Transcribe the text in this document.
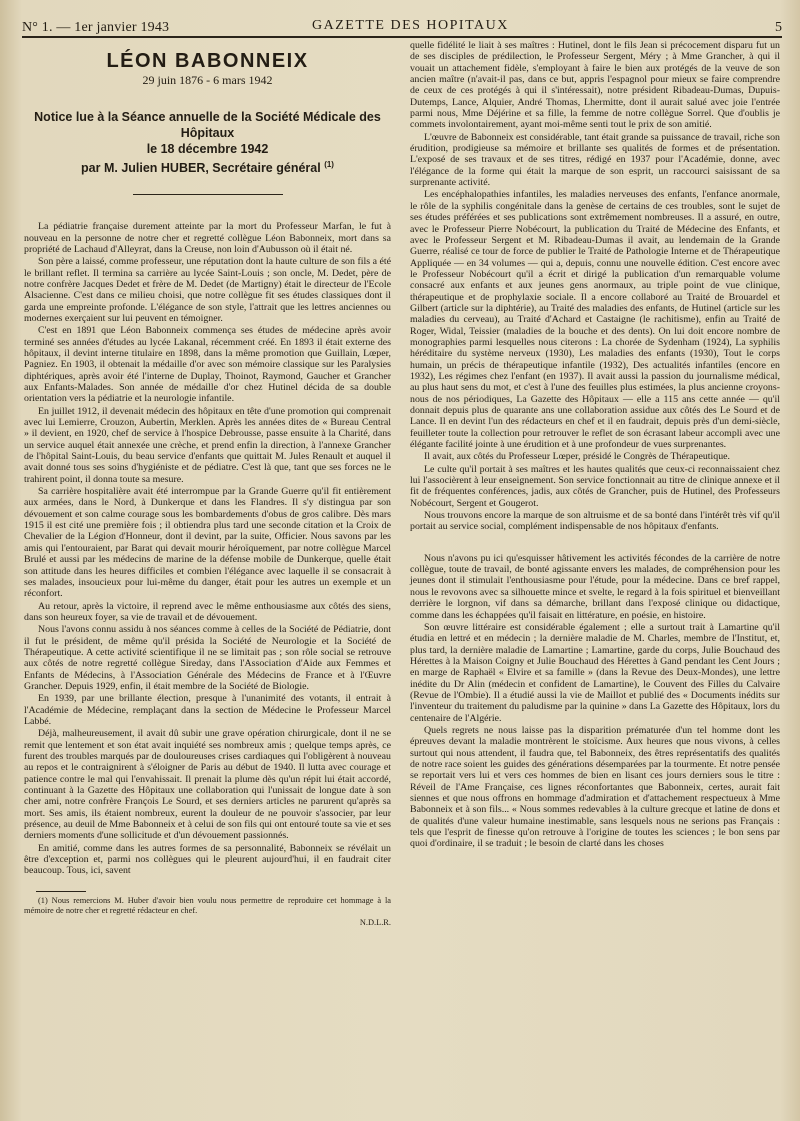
N° 1. — 1er janvier 1943	GAZETTE DES HOPITAUX	5
LÉON BABONNEIX
29 juin 1876 - 6 mars 1942
Notice lue à la Séance annuelle de la Société Médicale des Hôpitaux
le 18 décembre 1942
par M. Julien HUBER, Secrétaire général $^{(1)}$

La pédiatrie française durement atteinte par la mort du Professeur Marfan, le fut à nouveau en la personne de notre cher et regretté collègue Léon Babonneix, mort dans sa propriété de Lachaud d'Alleyrat, dans la Creuse, non loin d'Aubusson où il était né.

Son père a laissé, comme professeur, une réputation dont la haute culture de son fils a été le brillant reflet. Il termina sa carrière au lycée Saint-Louis ; son oncle, M. Dedet, père de notre confrère Jacques Dedet et frère de M. Dedet (de Martigny) était le directeur de l'Ecole Alsacienne. C'est dans ce milieu choisi, que notre collègue fit ses études classiques dont il garda une empreinte profonde. L'élégance de son style, l'attrait que les lettres anciennes ou modernes exerçaient sur lui peuvent en témoigner.

C'est en 1891 que Léon Babonneix commença ses études de médecine après avoir terminé ses années d'études au lycée Lakanal, récemment créé. En 1893 il était externe des hôpitaux, il devint interne titulaire en 1898, dans la même promotion que Guillain, Lœper, Pagniez. En 1903, il obtenait la médaille d'or avec son mémoire classique sur les Paralysies diphtériques, après avoir été l'interne de Duplay, Thoinot, Raymond, Gaucher et Grancher aux Enfants-Malades. Son année de médaille d'or chez Hutinel décida de sa double orientation vers la pédiatrie et la neurologie infantile.

En juillet 1912, il devenait médecin des hôpitaux en tête d'une promotion qui comprenait avec lui Lemierre, Crouzon, Aubertin, Merklen. Après les années dites de « Bureau Central » il devient, en 1920, chef de service à l'hospice Debrousse, passe ensuite à la Charité, dans un service auquel était annexée une crèche, et prend enfin la direction, à l'annexe Grancher de l'hôpital Saint-Louis, du beau service d'enfants que quittait M. Jules Renault et auquel il avait donné tous ses soins d'hygiéniste et de pédiatre. C'est là que, tant que ses forces ne le trahirent point, il donna toute sa mesure.

Sa carrière hospitalière avait été interrompue par la Grande Guerre qu'il fit entièrement aux armées, dans le Nord, à Dunkerque et dans les Flandres. Il s'y distingua par son dévouement et son calme courage sous les bombardements d'obus de gros calibre. Dès mars 1915 il est cité une première fois ; il obtiendra plus tard une seconde citation et la Croix de Chevalier de la Légion d'Honneur, dont il devint, par la suite, Officier. Nous savons par les amis qui l'entouraient, par Barat qui devait mourir héroïquement, par notre collègue Marcel Brulé et aussi par les médecins de marine de la défense mobile de Dunkerque, quelle était son attitude dans les heures difficiles et combien l'élégance avec laquelle il se consacrait à ses malades, insoucieux pour lui-même du danger, était pour les autres un exemple et un réconfort.

Au retour, après la victoire, il reprend avec le même enthousiasme aux côtés des siens, dans son heureux foyer, sa vie de travail et de dévouement.

Nous l'avons connu assidu à nos séances comme à celles de la Société de Pédiatrie, dont il fut le président, de même qu'il présida la Société de Neurologie et la Société de Thérapeutique. A cette activité scientifique il ne se limitait pas ; son rôle social se retrouve aux côtés de notre regretté collègue Sireday, dans l'Association d'Aide aux Femmes et Enfants de Médecins, à l'Association Générale des Médecins de France et à l'Œuvre Grancher. Depuis 1929, enfin, il était membre de la Société de Biologie.

En 1939, par une brillante élection, presque à l'unanimité des votants, il entrait à l'Académie de Médecine, remplaçant dans la section de Médecine le Professeur Marcel Labbé.

Déjà, malheureusement, il avait dû subir une grave opération chirurgicale, dont il ne se remit que lentement et son état avait inquiété ses nombreux amis ; quelque temps après, ce furent des troubles marqués par de douloureuses crises cardiaques qui l'obligèrent à nouveau au repos et le contraignirent à s'éloigner de Paris au début de 1940. Il lutta avec courage et patience contre le mal qui l'envahissait. Il prenait la plume dès qu'un répit lui était accordé, continuant à la Gazette des Hôpitaux une collaboration qui l'unissait de longue date à son cher ami, notre confrère François Le Sourd, et ses derniers articles ne parurent qu'après sa mort. Ses amis, ils étaient nombreux, eurent la douleur de ne pouvoir s'associer, par leur présence, au deuil de Mme Babonneix et à celui de son fils qui ont entouré toute sa vie et ses derniers moments d'une sollicitude et d'un dévouement passionnés.

En amitié, comme dans les autres formes de sa personnalité, Babonneix se révélait un être d'exception et, parmi nos collègues qui le pleurent aujourd'hui, il en faudrait citer beaucoup. Tous, ici, savent

(1) Nous remercions M. Huber d'avoir bien voulu nous permettre de reproduire cet hommage à la mémoire de notre cher et regretté rédacteur en chef.
N.D.L.R.

quelle fidélité le liait à ses maîtres : Hutinel, dont le fils Jean si précocement disparu fut un de ses disciples de prédilection, le Professeur Sergent, Méry ; à Mme Grancher, à qui il vouait un attachement fidèle, s'employant à faire le bien aux protégés de la veuve de son ancien maître (n'avait-il pas, dans ce but, appris l'espagnol pour mieux se faire comprendre de ceux de ces protégés à qui il s'intéressait), notre président Ribadeau-Dumas, Dupuis-Dutemps, Lance, Alquier, André Thomas, Lhermitte, dont il aurait salué avec joie l'entrée parmi nous, Mme Déjérine et sa fille, la femme de notre collègue Sorrel. Que d'oublis je commets involontairement, ayant moi-même senti tout le prix de son amitié.

L'œuvre de Babonneix est considérable, tant était grande sa puissance de travail, riche son érudition, prodigieuse sa mémoire et brillante ses qualités de formes et de présentation. L'exposé de ses travaux et de ses titres, rédigé en 1937 pour l'Académie, donne, avec l'élégance de la forme qui était la marque de son esprit, un raccourci saisissant de sa surprenante activité.

Les encéphalopathies infantiles, les maladies nerveuses des enfants, l'enfance anormale, le rôle de la syphilis congénitale dans la genèse de certains de ces troubles, sont le sujet de ses études préférées et ses publications sont extrêmement nombreuses. Il a assuré, en outre, avec le Professeur Pierre Nobécourt, la publication du Traité de Médecine des Enfants, et avec le Professeur Sergent et M. Ribadeau-Dumas il avait, au lendemain de la Grande Guerre, réalisé ce tour de force de publier le Traité de Pathologie Interne et de Thérapeutique Appliquée — en 34 volumes — qui a, depuis, connu une nouvelle édition. C'est encore avec le Professeur Nobécourt qu'il a écrit et dirigé la publication d'un remarquable volume consacré aux enfants et aux jeunes gens anormaux, au triple point de vue clinique, thérapeutique et de prophylaxie sociale. Il a encore collaboré au Traité de Brouardel et Gilbert (article sur la diphtérie), au Traité des maladies des enfants, de Hutinel (article sur les maladies du cerveau), au Traité d'Achard et Castaigne (le rachitisme), enfin au Traité de Roger, Widal, Teissier (maladies de la bouche et des dents). On lui doit encore nombre de monographies parmi lesquelles nous citerons : La chorée de Sydenham (1924), La syphilis héréditaire du système nerveux (1930), Les maladies des enfants (1930), Tout le corps humain, un précis de thérapeutique infantile (1932), Des actualités infantiles (encore en 1932), Les régimes chez l'enfant (en 1937). Il avait aussi la passion du journalisme médical, au plus haut sens du mot, et c'est à l'une des feuilles plus estimées, la plus ancienne croyons-nous de nos périodiques, La Gazette des Hôpitaux — elle a 115 ans cette année — qu'il donnait depuis plus de quarante ans une collaboration assidue aux côtés des Le Sourd et de Lance. Il en devint l'un des rédacteurs en chef et il en faudrait, depuis près d'un demi-siècle, feuilleter toute la collection pour retrouver le reflet de son écrasant labeur accompli avec une élégante facilité jointe à une érudition et à une profondeur de vues surprenantes.

Il avait, aux côtés du Professeur Lœper, présidé le Congrès de Thérapeutique.

Le culte qu'il portait à ses maîtres et les hautes qualités que ceux-ci reconnaissaient chez lui l'associèrent à leur enseignement. Son service fonctionnait au titre de clinique annexe et il fit de fréquentes conférences, jadis, aux côtés de Grancher, puis de Hutinel, des Professeurs Nobécourt, Sergent et Gougerot.

Nous trouvons encore la marque de son altruisme et de sa bonté dans l'intérêt très vif qu'il portait au service social, complément indispensable de nos hôpitaux d'enfants.

Nous n'avons pu ici qu'esquisser hâtivement les activités fécondes de la carrière de notre collègue, toute de travail, de bonté agissante envers les malades, de compréhension pour les jeunes dont il stimulait l'enthousiasme pour l'étude, pour la médecine. Dans ce bref rappel, nous le revovons avec sa silhouette mince et svelte, le regard à la fois spirituel et bienveillant derrière le lorgnon, vif dans sa démarche, brillant dans l'exposé clinique ou didactique, comme dans les échappées qu'il faisait en littérature, en poésie, en histoire.

Son œuvre littéraire est considérable également ; elle a surtout trait à Lamartine qu'il étudia en lettré et en médecin ; la dernière maladie de M. Charles, membre de l'Institut, et, plus tard, la dernière maladie de Lamartine ; Lamartine, garde du corps, Julie Bouchaud des Hérettes à la Maison Coigny et Julie Bouchaud des Hérettes à Gand pendant les Cent Jours ; en marge de Raphaël « Elvire et sa famille » (dans la Revue des Deux-Mondes), une lettre inédite du Dr Alin (médecin et confident de Lamartine), le Couvent des Filles du Calvaire (Revue de l'Ombie). Il a étudié aussi la vie de Maillot et publié des « Documents inédits sur l'inventeur du traitement du paludisme par la quinine » dans La Gazette des Hôpitaux, lors du centenaire de l'Algérie.

Quels regrets ne nous laisse pas la disparition prématurée d'un tel homme dont les épreuves devant la maladie montrèrent le stoïcisme. Aux heures que nous vivons, à celles surtout qui nous attendent, il faudra que, tel Babonneix, des êtres représentatifs des qualités de notre race soient les guides des générations désemparées par la tourmente. Et notre pensée se reportait vers lui et vers ces hommes de bien en lisant ces jours derniers sous le titre : Réveil de l'Ame Française, ces lignes réconfortantes que Babonneix, certes, aurait fait siennes et que nous offrons en hommage d'admiration et d'attachement respectueux à Mme Babonneix et à son fils... « Nous sommes redevables à la culture grecque et latine de dons et de qualités d'une valeur humaine inestimable, sans lesquels nous ne serions pas Français : tels que l'esprit de finesse qu'on retrouve à l'origine de toutes les sciences ; le bon sens par quoi d'ordinaire, il se traduit ; le besoin de clarté dans les choses
